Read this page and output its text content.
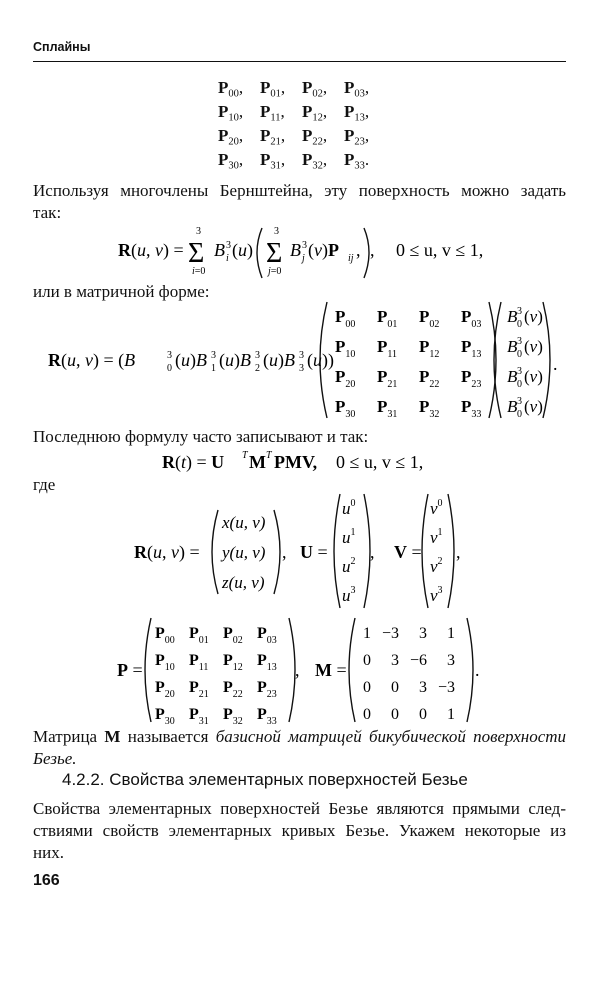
Сплайны
$P_{00}$, $P_{01}$, $P_{02}$, $P_{03}$,
$P_{10}$, $P_{11}$, $P_{12}$, $P_{13}$,
$P_{20}$, $P_{21}$, $P_{22}$, $P_{23}$,
$P_{30}$, $P_{31}$, $P_{32}$, $P_{33}$.
Используя многочлены Бернштейна, эту поверхность можно задать
так:
R(u, v) =
3
Σ
i=0
B 3
i (u)
3
Σ
j=0
B 3
j (v)P ij , , 0 ≤ u, v ≤ 1,
или в матричной форме:
R(u, v) = (B	3
0 (u)B 3
1 (u)B 3
2 (u)B 3
3 (u))
$P_{00}$ $P_{01}$ $P_{02}$ $P_{03}$
$P_{10}$ $P_{11}$ $P_{12}$ $P_{13}$
$P_{20}$ $P_{21}$ $P_{22}$ $P_{23}$
$P_{30}$ $P_{31}$ $P_{32}$ $P_{33}$
B 3
0 (v)
B 3
0 (v)
B 3
0 (v)
B 3
0 (v)
.
Последнюю формулу часто записывают и так:
R(t) = U T M T PMV, 0 ≤ u, v ≤ 1,
где
R(u, v) =
x(u, v)
y(u, v)
z(u, v)
, U =
$u^0$
$u^1$
$u^2$
$u^3$
, V =
$v^0$
$v^1$
$v^2$
$v^3$
,
P =
$P_{00}$ $P_{01}$ $P_{02}$ $P_{03}$
$P_{10}$ $P_{11}$ $P_{12}$ $P_{13}$
$P_{20}$ $P_{21}$ $P_{22}$ $P_{23}$
$P_{30}$ $P_{31}$ $P_{32}$ $P_{33}$
, M =
1 −3 3 1
0 3 −6 3
0 0 3 −3
0 0 0 1
.
Матрица M называется базисной матрицей бикубической поверхности
Безье.
4.2.2. Свойства элементарных поверхностей Безье
Свойства элементарных поверхностей Безье являются прямыми след-
ствиями свойств элементарных кривых Безье. Укажем некоторые из
них.
166
